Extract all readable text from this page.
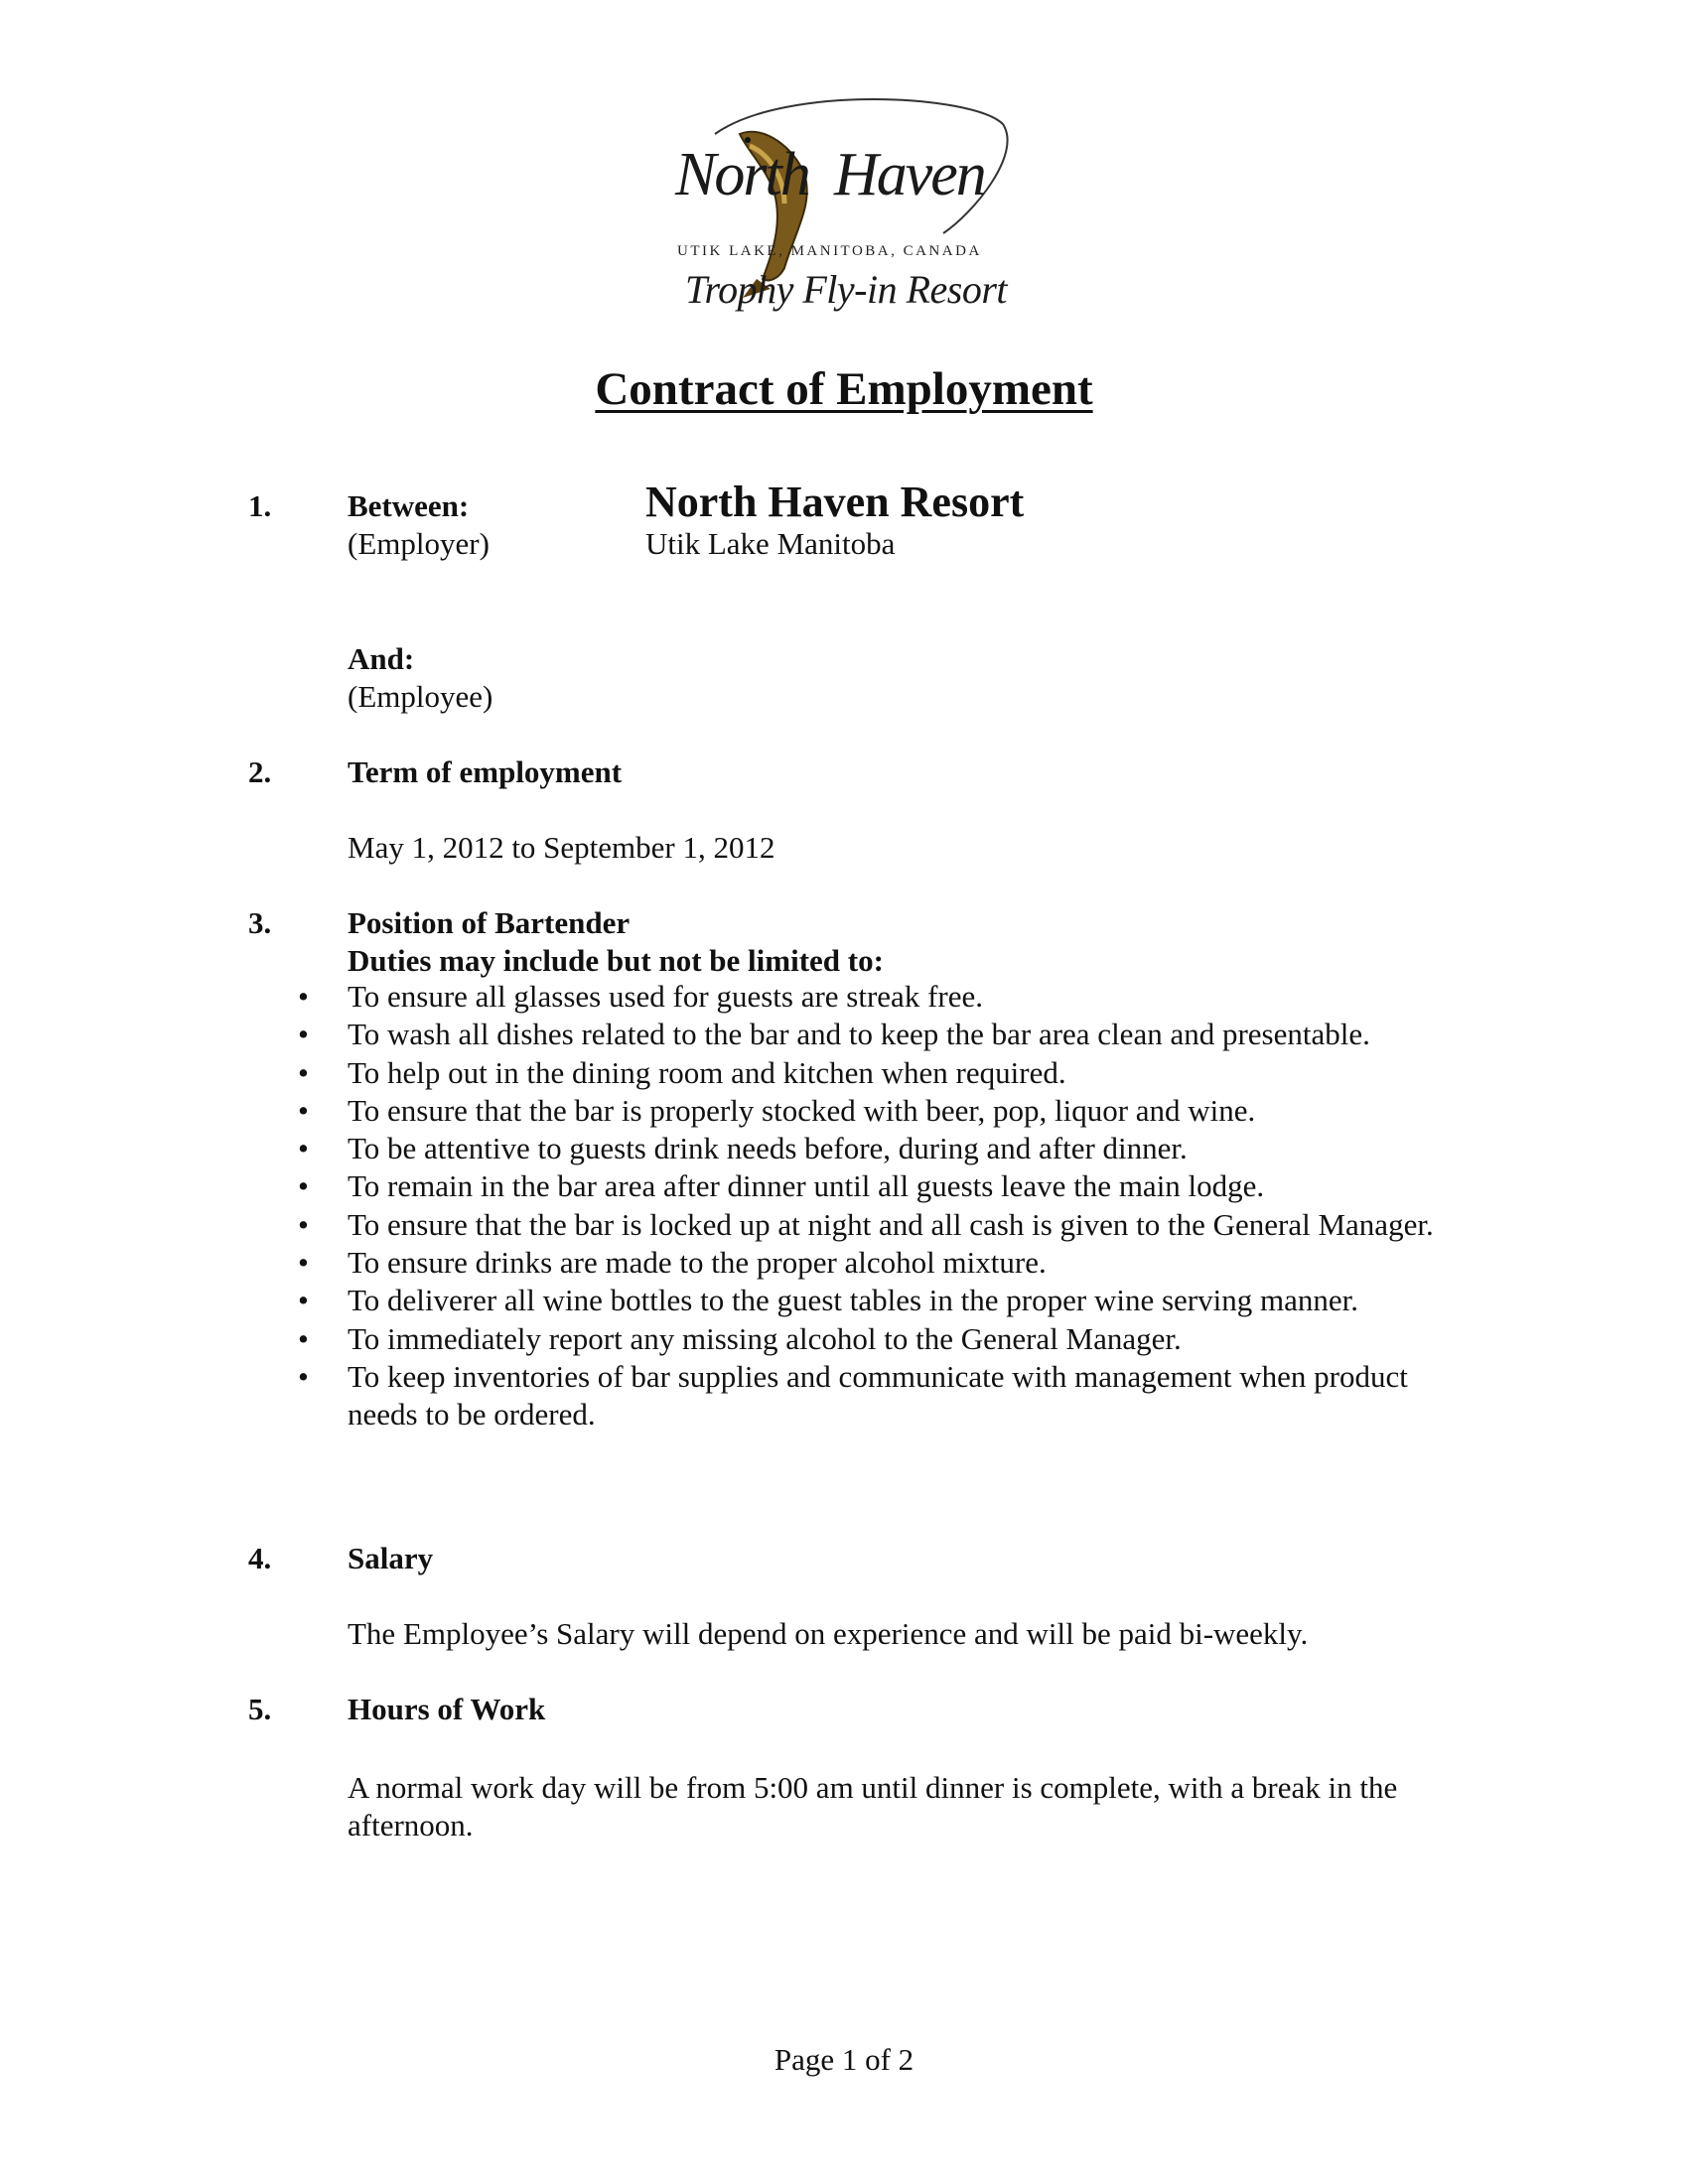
North Haven
UTIK LAKE, MANITOBA, CANADA
Trophy Fly-in Resort
Contract of Employment
1. Between:	North Haven Resort
(Employer)	Utik Lake Manitoba
And:
(Employee)
2. Term of employment
May 1, 2012 to September 1, 2012
3. Position of Bartender
Duties may include but not be limited to:
• To ensure all glasses used for guests are streak free.
• To wash all dishes related to the bar and to keep the bar area clean and presentable.
• To help out in the dining room and kitchen when required.
• To ensure that the bar is properly stocked with beer, pop, liquor and wine.
• To be attentive to guests drink needs before, during and after dinner.
• To remain in the bar area after dinner until all guests leave the main lodge.
• To ensure that the bar is locked up at night and all cash is given to the General Manager.
• To ensure drinks are made to the proper alcohol mixture.
• To deliverer all wine bottles to the guest tables in the proper wine serving manner.
• To immediately report any missing alcohol to the General Manager.
• To keep inventories of bar supplies and communicate with management when product needs to be ordered.
4. Salary
The Employee’s Salary will depend on experience and will be paid bi-weekly.
5. Hours of Work
A normal work day will be from 5:00 am until dinner is complete, with a break in the afternoon.
Page 1 of 2
